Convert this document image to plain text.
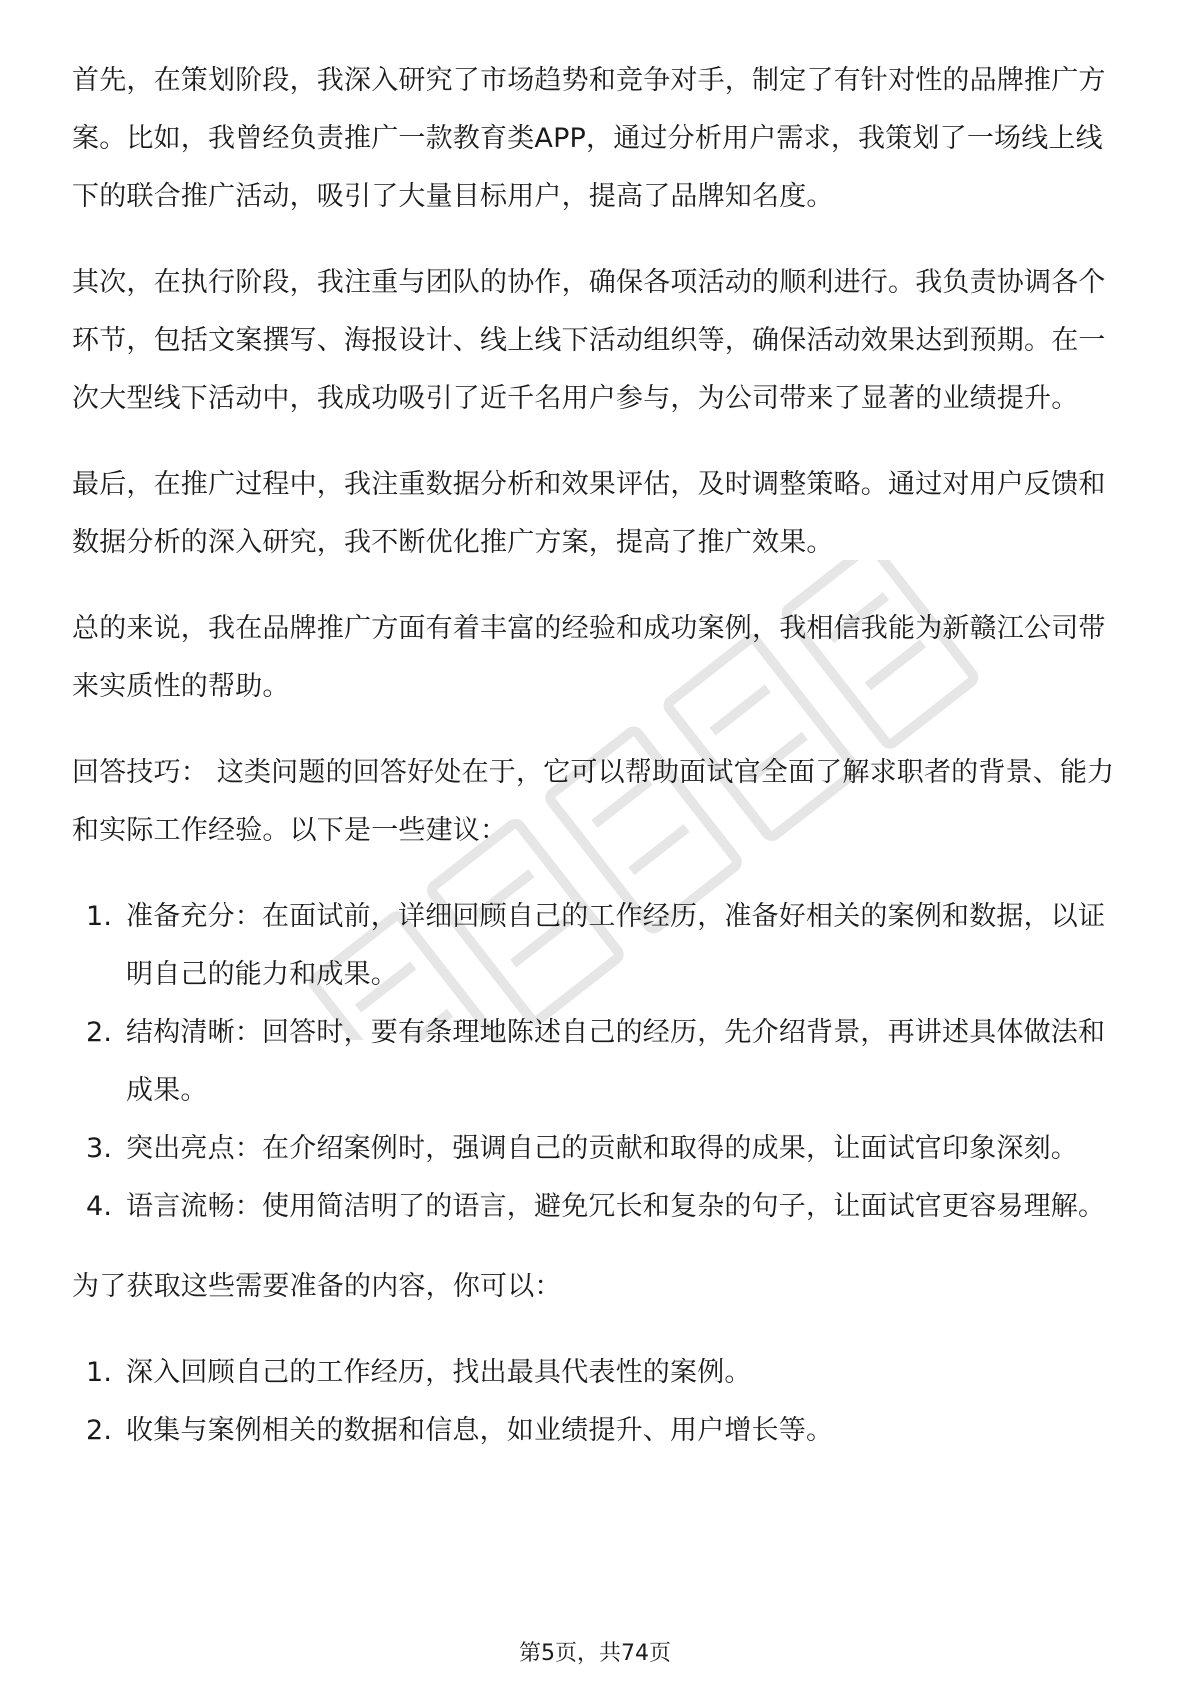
首先，在策划阶段，我深入研究了市场趋势和竞争对手，制定了有针对性的品牌推广方案。比如，我曾经负责推广一款教育类APP，通过分析用户需求，我策划了一场线上线下的联合推广活动，吸引了大量目标用户，提高了品牌知名度。

其次，在执行阶段，我注重与团队的协作，确保各项活动的顺利进行。我负责协调各个环节，包括文案撰写、海报设计、线上线下活动组织等，确保活动效果达到预期。在一次大型线下活动中，我成功吸引了近千名用户参与，为公司带来了显著的业绩提升。

最后，在推广过程中，我注重数据分析和效果评估，及时调整策略。通过对用户反馈和数据分析的深入研究，我不断优化推广方案，提高了推广效果。

总的来说，我在品牌推广方面有着丰富的经验和成功案例，我相信我能为新赣江公司带来实质性的帮助。

回答技巧： 这类问题的回答好处在于，它可以帮助面试官全面了解求职者的背景、能力和实际工作经验。以下是一些建议：

1. 准备充分：在面试前，详细回顾自己的工作经历，准备好相关的案例和数据，以证明自己的能力和成果。
2. 结构清晰：回答时，要有条理地陈述自己的经历，先介绍背景，再讲述具体做法和成果。
3. 突出亮点：在介绍案例时，强调自己的贡献和取得的成果，让面试官印象深刻。
4. 语言流畅：使用简洁明了的语言，避免冗长和复杂的句子，让面试官更容易理解。

为了获取这些需要准备的内容，你可以：

1. 深入回顾自己的工作经历，找出最具代表性的案例。
2. 收集与案例相关的数据和信息，如业绩提升、用户增长等。
第5页，共74页
